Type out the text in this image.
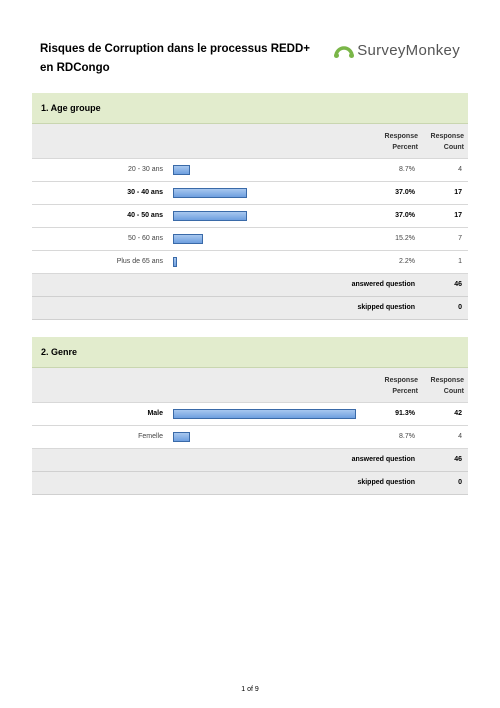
Risques de Corruption dans le processus REDD+ en RDCongo
SurveyMonkey
1. Age groupe
Response
Percent
Response
Count
20 - 30 ans	8.7%	4
30 - 40 ans	37.0%	17
40 - 50 ans	37.0%	17
50 - 60 ans	15.2%	7
Plus de 65 ans	2.2%	1
answered question	46
skipped question	0
2. Genre
Response
Percent
Response
Count
Male	91.3%	42
Femelle	8.7%	4
answered question	46
skipped question	0
1 of 9
